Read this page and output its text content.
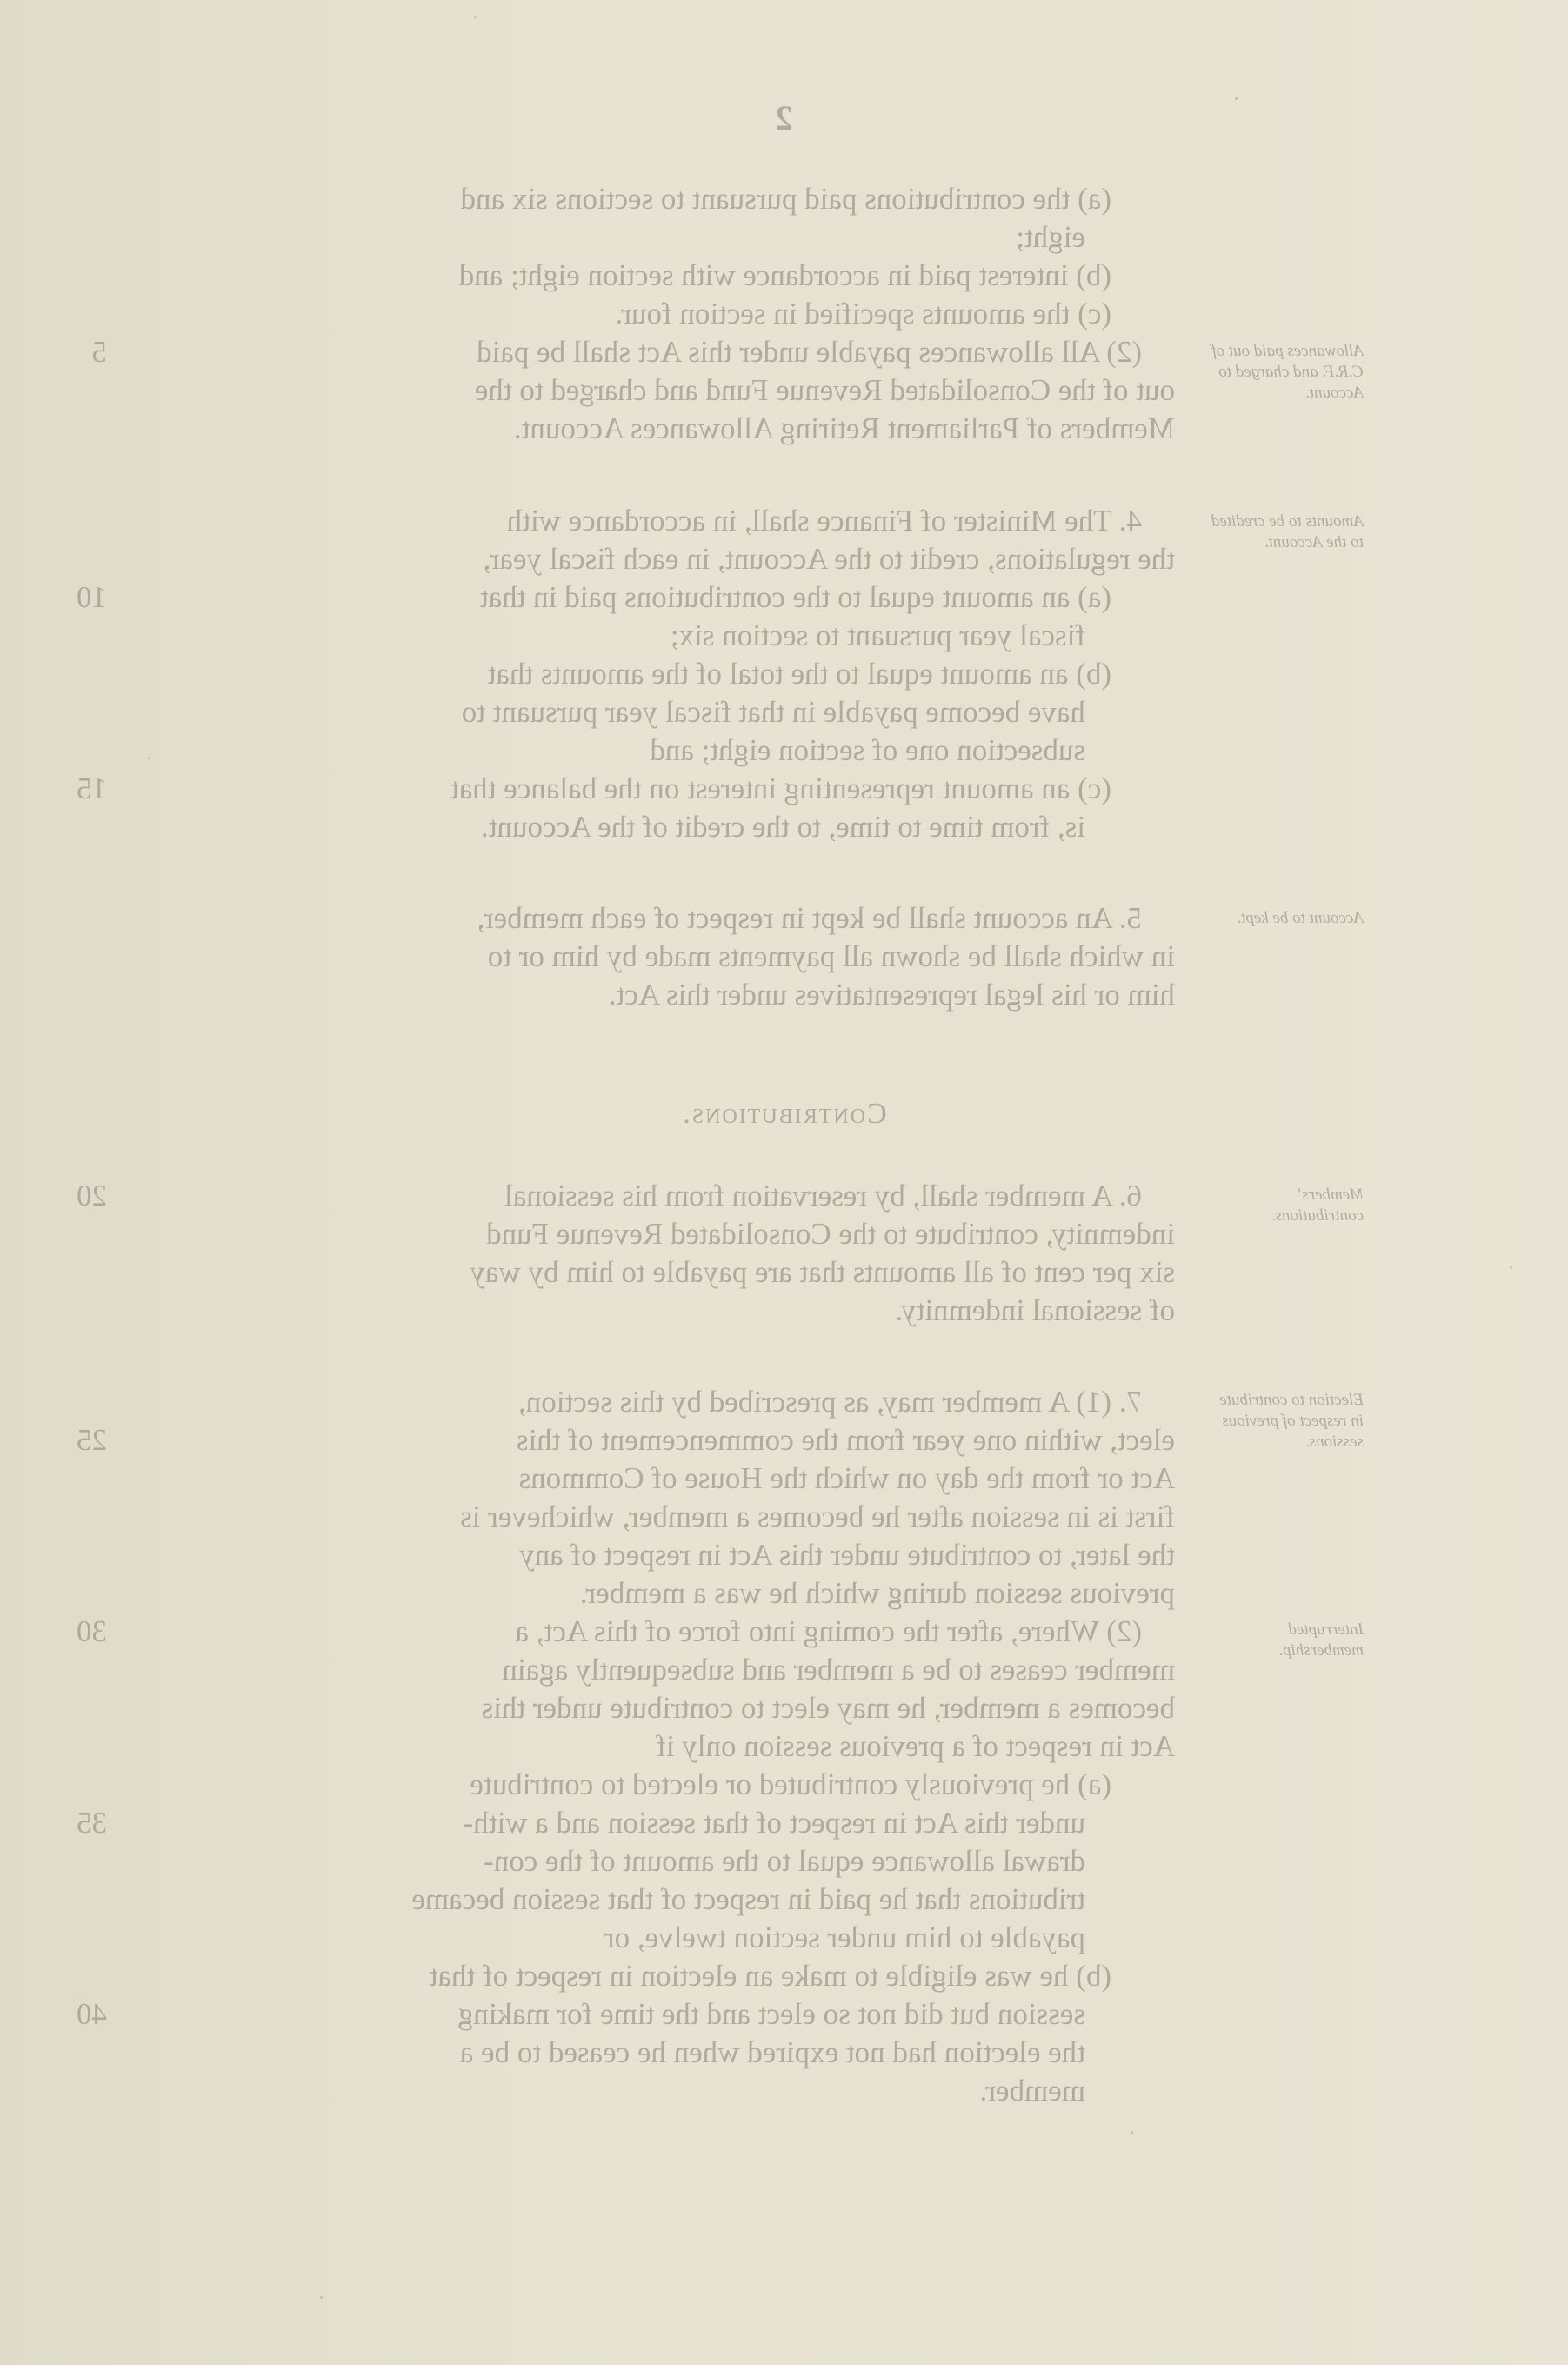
2
(a) the contributions paid pursuant to sections six and
eight;
(b) interest paid in accordance with section eight; and
(c) the amounts specified in section four.
(2) All allowances payable under this Act shall be paid
out of the Consolidated Revenue Fund and charged to the
Members of Parliament Retiring Allowances Account.
4. The Minister of Finance shall, in accordance with
the regulations, credit to the Account, in each fiscal year,
(a) an amount equal to the contributions paid in that
fiscal year pursuant to section six;
(b) an amount equal to the total of the amounts that
have become payable in that fiscal year pursuant to
subsection one of section eight; and
(c) an amount representing interest on the balance that
is, from time to time, to the credit of the Account.
5. An account shall be kept in respect of each member,
in which shall be shown all payments made by him or to
him or his legal representatives under this Act.
Contributions.
6. A member shall, by reservation from his sessional
indemnity, contribute to the Consolidated Revenue Fund
six per cent of all amounts that are payable to him by way
of sessional indemnity.
7. (1) A member may, as prescribed by this section,
elect, within one year from the commencement of this
Act or from the day on which the House of Commons
first is in session after he becomes a member, whichever is
the later, to contribute under this Act in respect of any
previous session during which he was a member.
(2) Where, after the coming into force of this Act, a
member ceases to be a member and subsequently again
becomes a member, he may elect to contribute under this
Act in respect of a previous session only if
(a) he previously contributed or elected to contribute
under this Act in respect of that session and a with-
drawal allowance equal to the amount of the con-
tributions that he paid in respect of that session became
payable to him under section twelve, or
(b) he was eligible to make an election in respect of that
session but did not so elect and the time for making
the election had not expired when he ceased to be a
member.
5
10
15
20
25
30
35
40
Allowances paid out of C.R.F. and charged to Account.
Amounts to be credited to the Account.
Account to be kept.
Members' contributions.
Election to contribute in respect of previous sessions.
Interrupted membership.
